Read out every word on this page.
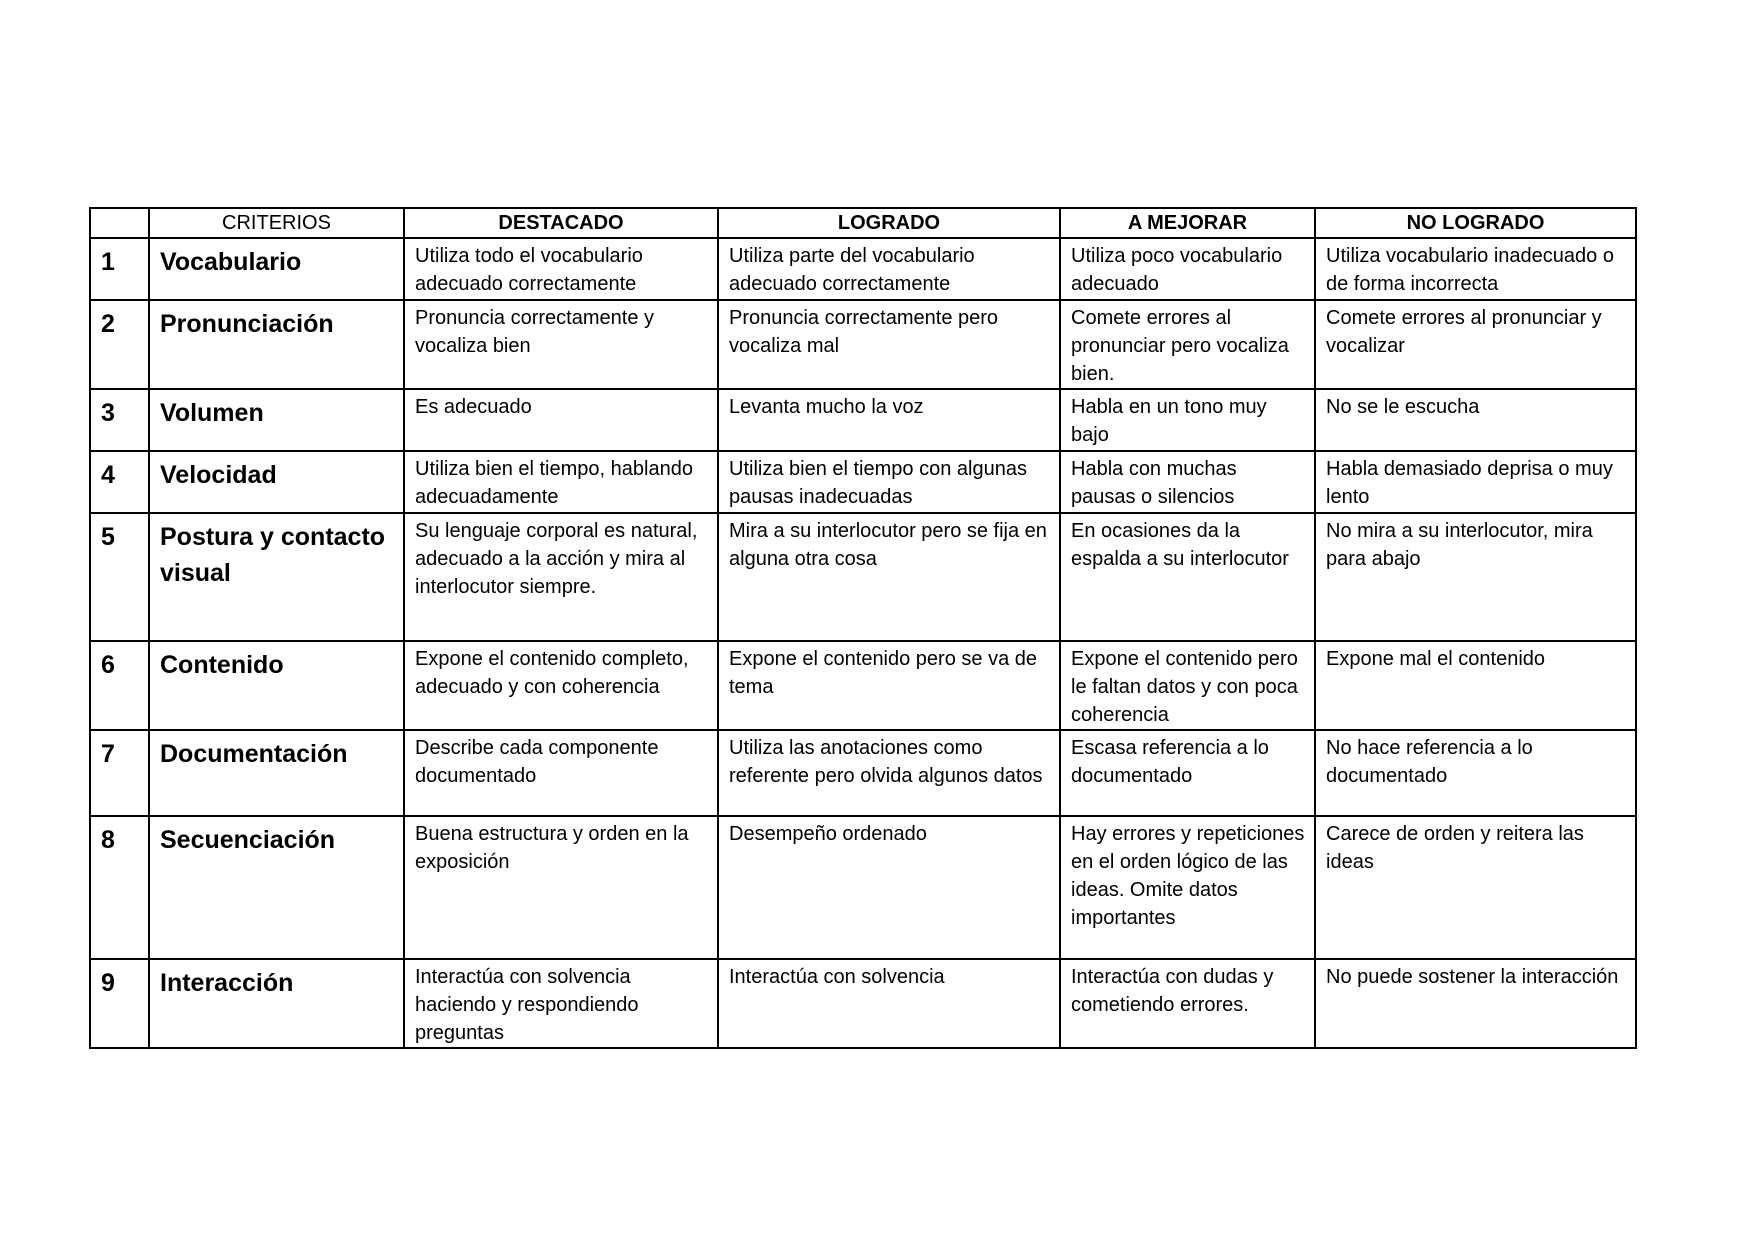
	CRITERIOS	DESTACADO	LOGRADO	A MEJORAR	NO LOGRADO
1	Vocabulario	Utiliza todo el vocabulario adecuado correctamente	Utiliza parte del vocabulario adecuado correctamente	Utiliza poco vocabulario adecuado	Utiliza vocabulario inadecuado o de forma incorrecta
2	Pronunciación	Pronuncia correctamente y vocaliza bien	Pronuncia correctamente pero vocaliza mal	Comete errores al pronunciar pero vocaliza bien.	Comete errores al pronunciar y vocalizar
3	Volumen	Es adecuado	Levanta mucho la voz	Habla en un tono muy bajo	No se le escucha
4	Velocidad	Utiliza bien el tiempo, hablando adecuadamente	Utiliza bien el tiempo con algunas pausas inadecuadas	Habla con muchas pausas o silencios	Habla demasiado deprisa o muy lento
5	Postura y contacto visual	Su lenguaje corporal es natural, adecuado a la acción y mira al interlocutor siempre.	Mira a su interlocutor pero se fija en alguna otra cosa	En ocasiones da la espalda a su interlocutor	No mira a su interlocutor, mira para abajo
6	Contenido	Expone el contenido completo, adecuado y con coherencia	Expone el contenido pero se va de tema	Expone el contenido pero le faltan datos y con poca coherencia	Expone mal el contenido
7	Documentación	Describe cada componente documentado	Utiliza las anotaciones como referente pero olvida algunos datos	Escasa referencia a lo documentado	No hace referencia a lo documentado
8	Secuenciación	Buena estructura y orden en la exposición	Desempeño ordenado	Hay errores y repeticiones en el orden lógico de las ideas. Omite datos importantes	Carece de orden y reitera las ideas
9	Interacción	Interactúa con solvencia haciendo y respondiendo preguntas	Interactúa con solvencia	Interactúa con dudas y cometiendo errores.	No puede sostener la interacción
